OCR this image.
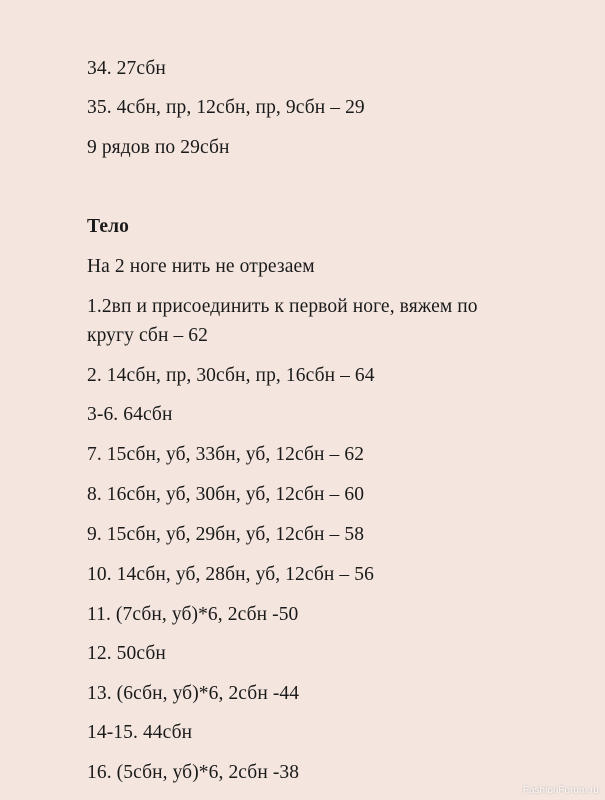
34. 27сбн
35. 4сбн, пр, 12сбн, пр, 9сбн – 29
9 рядов по 29сбн
Тело
На 2 ноге нить не отрезаем
1.2вп и присоединить к первой ноге, вяжем по
кругу сбн – 62
2. 14сбн, пр, 30сбн, пр, 16сбн – 64
3-6. 64сбн
7. 15сбн, уб, 33бн, уб, 12сбн – 62
8. 16сбн, уб, 30бн, уб, 12сбн – 60
9. 15сбн, уб, 29бн, уб, 12сбн – 58
10. 14сбн, уб, 28бн, уб, 12сбн – 56
11. (7сбн, уб)*6, 2сбн -50
12. 50сбн
13. (6сбн, уб)*6, 2сбн -44
14-15. 44сбн
16. (5сбн, уб)*6, 2сбн -38
FashionForum.ru
